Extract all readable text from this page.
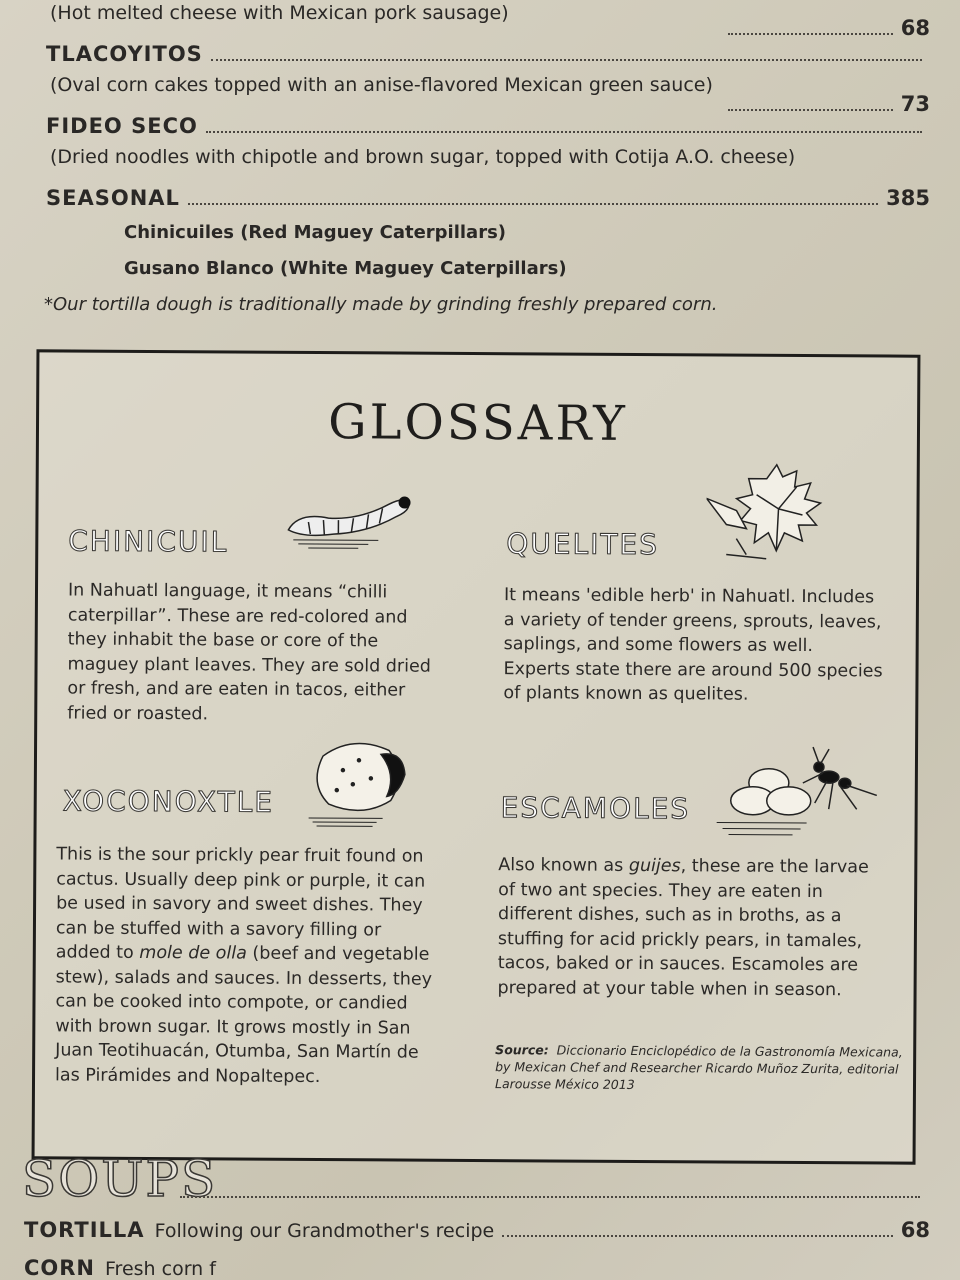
(Hot melted cheese with Mexican pork sausage)
68
TLACOYITOS
(Oval corn cakes topped with an anise-flavored Mexican green sauce)
73
FIDEO SECO
(Dried noodles with chipotle and brown sugar, topped with Cotija A.O. cheese)
SEASONAL	385
Chinicuiles (Red Maguey Caterpillars)
Gusano Blanco (White Maguey Caterpillars)
*Our tortilla dough is traditionally made by grinding freshly prepared corn.
GLOSSARY
CHINICUIL
In Nahuatl language, it means “chilli caterpillar”. These are red-colored and they inhabit the base or core of the maguey plant leaves. They are sold dried or fresh, and are eaten in tacos, either fried or roasted.
QUELITES
It means 'edible herb' in Nahuatl. Includes a variety of tender greens, sprouts, leaves, saplings, and some flowers as well. Experts state there are around 500 species of plants known as quelites.
XOCONOXTLE
This is the sour prickly pear fruit found on cactus. Usually deep pink or purple, it can be used in savory and sweet dishes. They can be stuffed with a savory filling or added to mole de olla (beef and vegetable stew), salads and sauces. In desserts, they can be cooked into compote, or candied with brown sugar. It grows mostly in San Juan Teotihuacán, Otumba, San Martín de las Pirámides and Nopaltepec.
ESCAMOLES
Also known as guijes, these are the larvae of two ant species. They are eaten in different dishes, such as in broths, as a stuffing for acid prickly pears, in tamales, tacos, baked or in sauces. Escamoles are prepared at your table when in season.
Source: Diccionario Enciclopédico de la Gastronomía Mexicana, by Mexican Chef and Researcher Ricardo Muñoz Zurita, editorial Larousse México 2013
SOUPS
TORTILLA Following our Grandmother's recipe	68
CORN Fresh corn f
